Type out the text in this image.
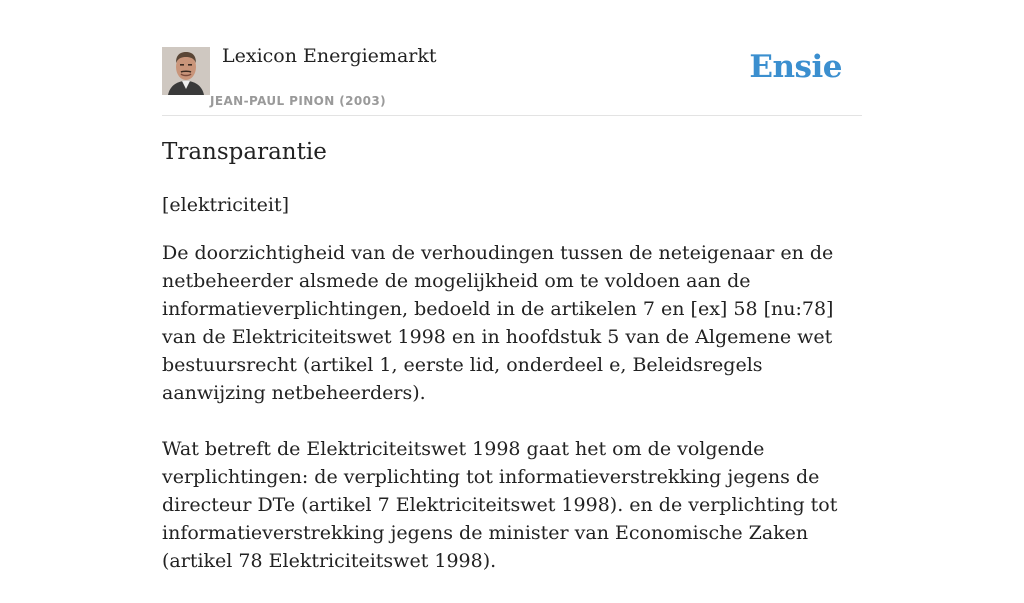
Lexicon Energiemarkt
JEAN-PAUL PINON (2003)
Ensie
Transparantie
[elektriciteit]

De doorzichtigheid van de verhoudingen tussen de neteigenaar en de netbeheerder alsmede de mogelijkheid om te voldoen aan de informatieverplichtingen, bedoeld in de artikelen 7 en [ex] 58 [nu:78] van de Elektriciteitswet 1998 en in hoofdstuk 5 van de Algemene wet bestuursrecht (artikel 1, eerste lid, onderdeel e, Beleidsregels aanwijzing netbeheerders).

Wat betreft de Elektriciteitswet 1998 gaat het om de volgende verplichtingen: de verplichting tot informatieverstrekking jegens de directeur DTe (artikel 7 Elektriciteitswet 1998). en de verplichting tot informatieverstrekking jegens de minister van Economische Zaken (artikel 78 Elektriciteitswet 1998).
